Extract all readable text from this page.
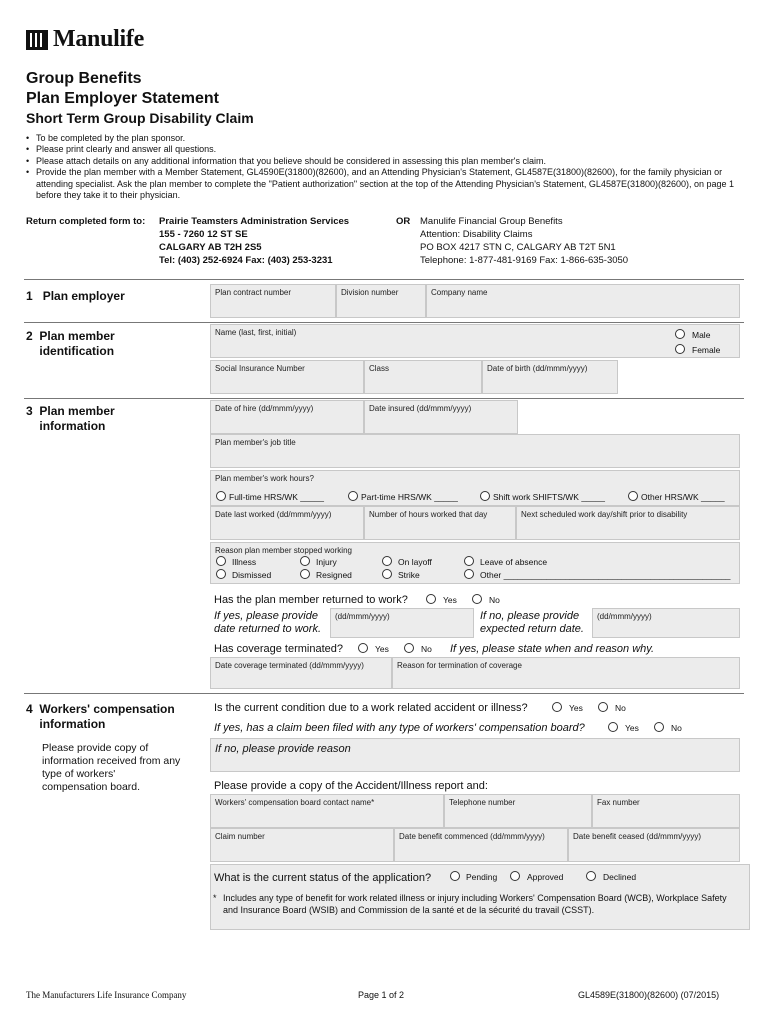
Manulife
Group Benefits
Plan Employer Statement
Short Term Group Disability Claim
• To be completed by the plan sponsor.
• Please print clearly and answer all questions.
• Please attach details on any additional information that you believe should be considered in assessing this plan member's claim.
• Provide the plan member with a Member Statement, GL4590E(31800)(82600), and an Attending Physician's Statement, GL4587E(31800)(82600), for the family physician or attending specialist. Ask the plan member to complete the "Patient authorization" section at the top of the Attending Physician's Statement, GL4587E(31800)(82600), on page 1 before they take it to their physician.
Return completed form to: Prairie Teamsters Administration Services
155 - 7260 12 ST SE
CALGARY AB T2H 2S5
Tel: (403) 252-6924 Fax: (403) 253-3231
OR Manulife Financial Group Benefits
Attention: Disability Claims
PO BOX 4217 STN C, CALGARY AB T2T 5N1
Telephone: 1-877-481-9169 Fax: 1-866-635-3050
1 Plan employer	Plan contract number	Division number	Company name
2 Plan member identification
Name (last, first, initial)	Male
Female
Social Insurance Number	Class	Date of birth (dd/mmm/yyyy)
3 Plan member information
Date of hire (dd/mmm/yyyy)	Date insured (dd/mmm/yyyy)
Plan member's job title
Plan member's work hours?
Full-time HRS/WK _____	Part-time HRS/WK _____	Shift work SHIFTS/WK _____	Other HRS/WK _____
Date last worked (dd/mmm/yyyy)	Number of hours worked that day	Next scheduled work day/shift prior to disability
Reason plan member stopped working
Illness	Injury	On layoff	Leave of absence
Dismissed	Resigned	Strike	Other ________________________________________________
Has the plan member returned to work?	Yes	No
If yes, please provide
date returned to work.
(dd/mmm/yyyy)	If no, please provide
expected return date.
(dd/mmm/yyyy)
Has coverage terminated?	Yes	No If yes, please state when and reason why.
Date coverage terminated (dd/mmm/yyyy)	Reason for termination of coverage
4 Workers' compensation information
Please provide copy of information received from any type of workers' compensation board.
Is the current condition due to a work related accident or illness?	Yes	No
If yes, has a claim been filed with any type of workers' compensation board?	Yes	No
If no, please provide reason
Please provide a copy of the Accident/Illness report and:
Workers' compensation board contact name*	Telephone number	Fax number
Claim number	Date benefit commenced (dd/mmm/yyyy)	Date benefit ceased (dd/mmm/yyyy)
What is the current status of the application?	Pending	Approved	Declined
* Includes any type of benefit for work related illness or injury including Workers' Compensation Board (WCB), Workplace Safety and Insurance Board (WSIB) and Commission de la santé et de la sécurité du travail (CSST).
The Manufacturers Life Insurance Company	Page 1 of 2	GL4589E(31800)(82600) (07/2015)
